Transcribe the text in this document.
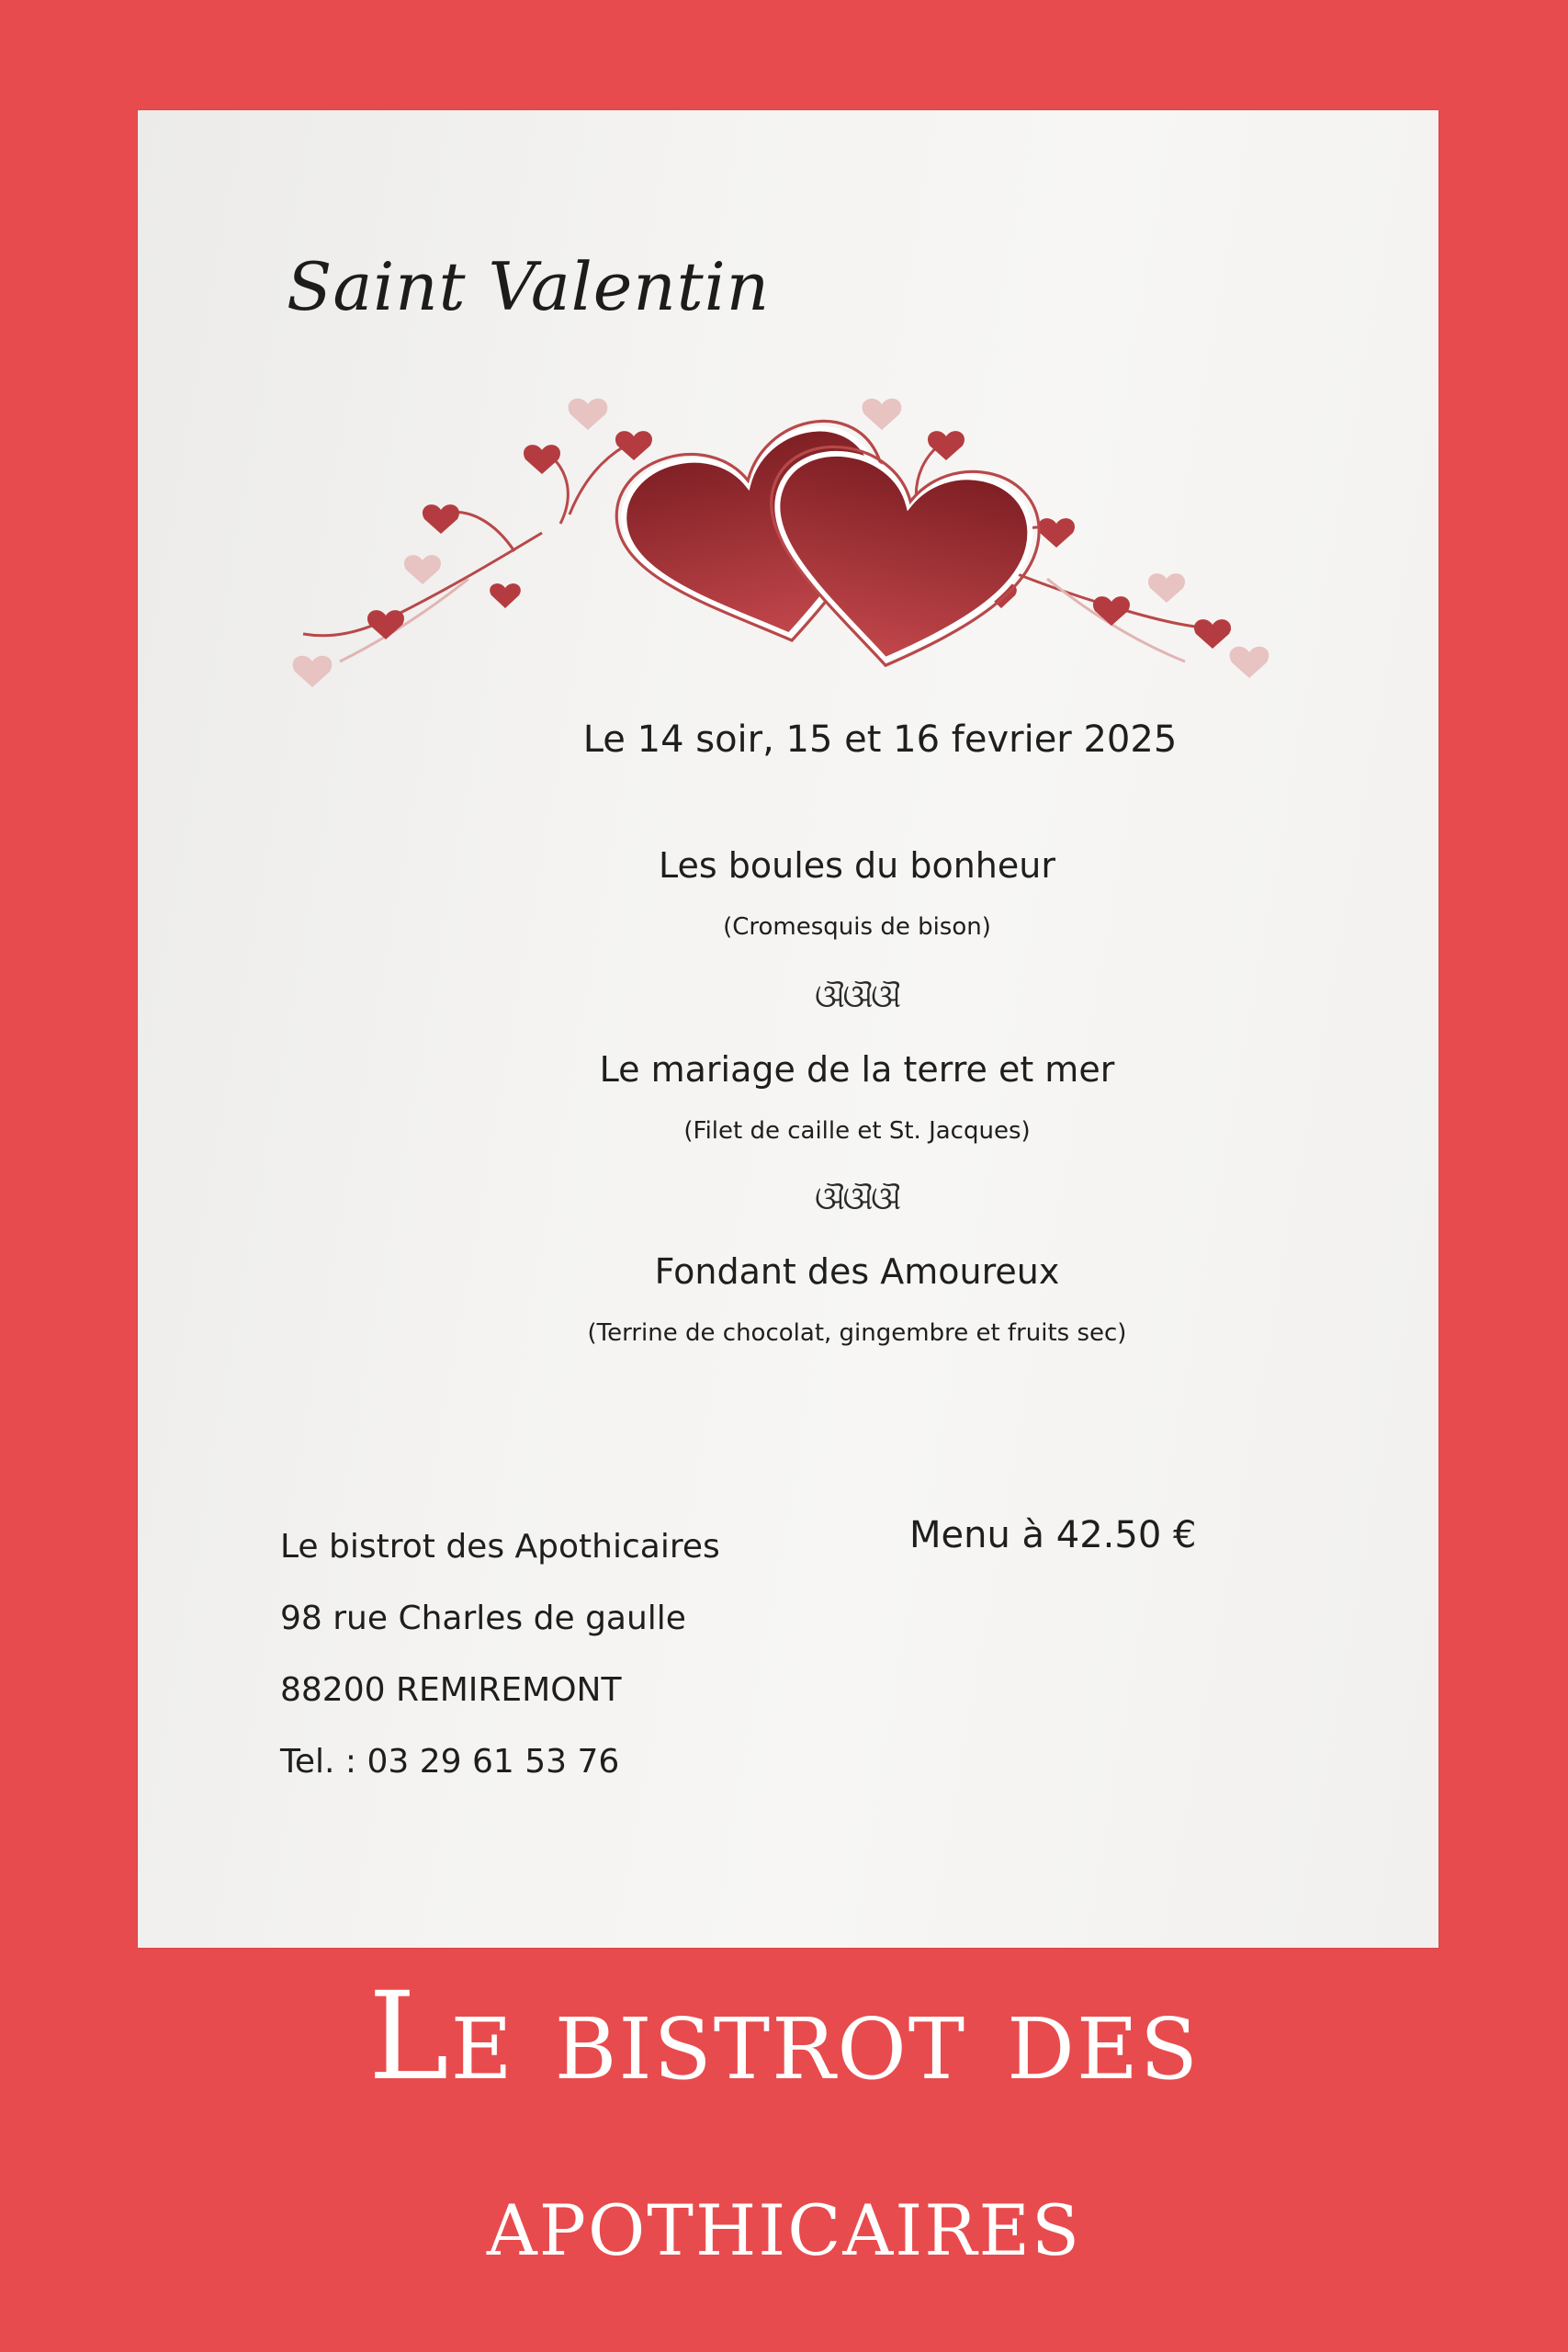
Saint Valentin
Le 14 soir, 15 et 16 fevrier 2025
Les boules du bonheur
(Cromesquis de bison)
ଔଔଔ
Le mariage de la terre et mer
(Filet de caille et St. Jacques)
ଔଔଔ
Fondant des Amoureux
(Terrine de chocolat, gingembre et fruits sec)
Le bistrot des Apothicaires
98 rue Charles de gaulle
88200 REMIREMONT
Tel. : 03 29 61 53 76
Menu à 42.50 €
Le bistrot des
apothicaires
